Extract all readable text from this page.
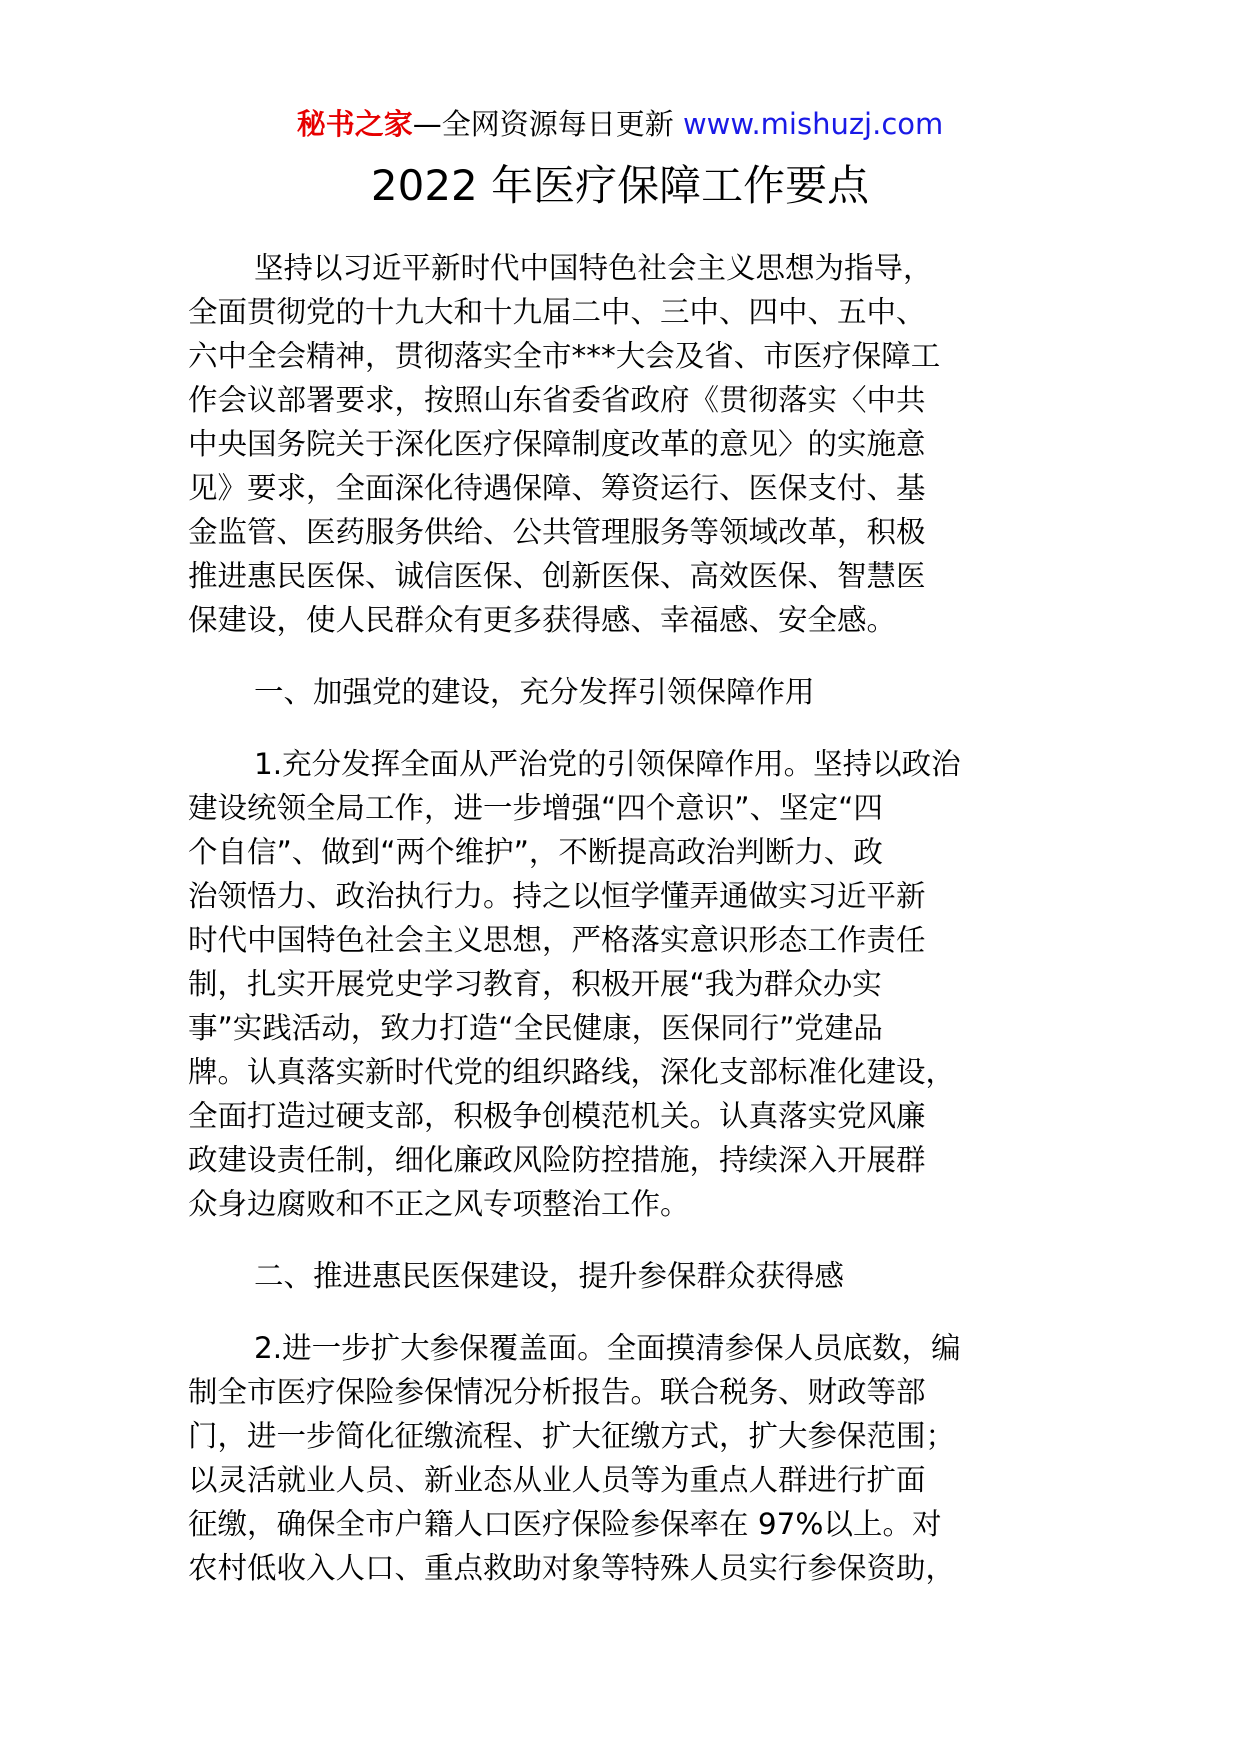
秘书之家—全网资源每日更新 www.mishuzj.com
2022 年医疗保障工作要点
坚持以习近平新时代中国特色社会主义思想为指导，
全面贯彻党的十九大和十九届二中、三中、四中、五中、
六中全会精神，贯彻落实全市***大会及省、市医疗保障工
作会议部署要求，按照山东省委省政府《贯彻落实〈中共
中央国务院关于深化医疗保障制度改革的意见〉的实施意
见》要求，全面深化待遇保障、筹资运行、医保支付、基
金监管、医药服务供给、公共管理服务等领域改革，积极
推进惠民医保、诚信医保、创新医保、高效医保、智慧医
保建设，使人民群众有更多获得感、幸福感、安全感。
一、加强党的建设，充分发挥引领保障作用
1.充分发挥全面从严治党的引领保障作用。坚持以政治
建设统领全局工作，进一步增强“四个意识”、坚定“四
个自信”、做到“两个维护”，不断提高政治判断力、政
治领悟力、政治执行力。持之以恒学懂弄通做实习近平新
时代中国特色社会主义思想，严格落实意识形态工作责任
制，扎实开展党史学习教育，积极开展“我为群众办实
事”实践活动，致力打造“全民健康，医保同行”党建品
牌。认真落实新时代党的组织路线，深化支部标准化建设，
全面打造过硬支部，积极争创模范机关。认真落实党风廉
政建设责任制，细化廉政风险防控措施，持续深入开展群
众身边腐败和不正之风专项整治工作。
二、推进惠民医保建设，提升参保群众获得感
2.进一步扩大参保覆盖面。全面摸清参保人员底数，编
制全市医疗保险参保情况分析报告。联合税务、财政等部
门，进一步简化征缴流程、扩大征缴方式，扩大参保范围；
以灵活就业人员、新业态从业人员等为重点人群进行扩面
征缴，确保全市户籍人口医疗保险参保率在 97%以上。对
农村低收入人口、重点救助对象等特殊人员实行参保资助，
